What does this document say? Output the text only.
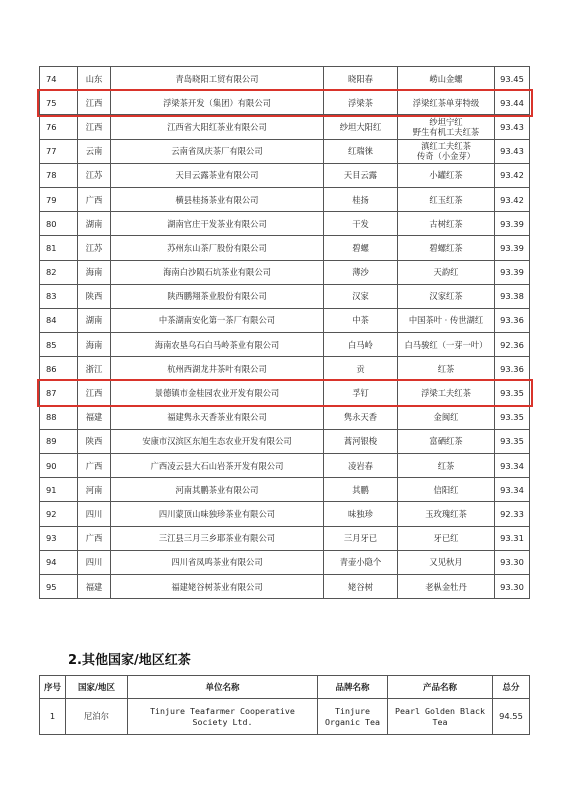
74	山东	青岛晓阳工贸有限公司	晓阳春	崂山金螺	93.45
75	江西	浮梁茶开发（集团）有限公司	浮梁茶	浮梁红茶单芽特级	93.44
76	江西	江西省大阳红茶业有限公司	纱坦大阳红	纱坦宁红
野生有机工夫红茶	93.43
77	云南	云南省凤庆茶厂有限公司	红瑞徕	滇红工夫红茶
传奇（小金芽）	93.43
78	江苏	天目云露茶业有限公司	天目云露	小罐红茶	93.42
79	广西	横县桂扬茶业有限公司	桂扬	红玉红茶	93.42
80	湖南	湖南官庄干发茶业有限公司	干发	古树红茶	93.39
81	江苏	苏州东山茶厂股份有限公司	碧螺	碧螺红茶	93.39
82	海南	海南白沙陨石坑茶业有限公司	薄沙	天韵红	93.39
83	陕西	陕西鹏翔茶业股份有限公司	汉家	汉家红茶	93.38
84	湖南	中茶湖南安化第一茶厂有限公司	中茶	中国茶叶 · 传世湖红	93.36
85	海南	海南农垦乌石白马岭茶业有限公司	白马岭	白马骏红（一芽一叶）	92.36
86	浙江	杭州西湖龙井茶叶有限公司	贡	红茶	93.36
87	江西	景德镇市金桂园农业开发有限公司	孚钉	浮梁工夫红茶	93.35
88	福建	福建隽永天香茶业有限公司	隽永天香	金闽红	93.35
89	陕西	安康市汉滨区东旭生态农业开发有限公司	蒿河银梭	富硒红茶	93.35
90	广西	广西凌云县大石山岩茶开发有限公司	凌岩春	红茶	93.34
91	河南	河南其鹏茶业有限公司	其鹏	信阳红	93.34
92	四川	四川蒙顶山味独珍茶业有限公司	味独珍	玉玫瑰红茶	92.33
93	广西	三江县三月三乡耶茶业有限公司	三月牙已	牙已红	93.31
94	四川	四川省凤鸣茶业有限公司	青壶小隐个	又见秋月	93.30
95	福建	福建姥谷树茶业有限公司	姥谷树	老枞金牡丹	93.30
2.其他国家/地区红茶
序号	国家/地区	单位名称	品牌名称	产品名称	总分
1	尼泊尔	Tinjure Teafarmer Cooperative
Society Ltd.	Tinjure
Organic Tea	Pearl Golden Black Tea	94.55
